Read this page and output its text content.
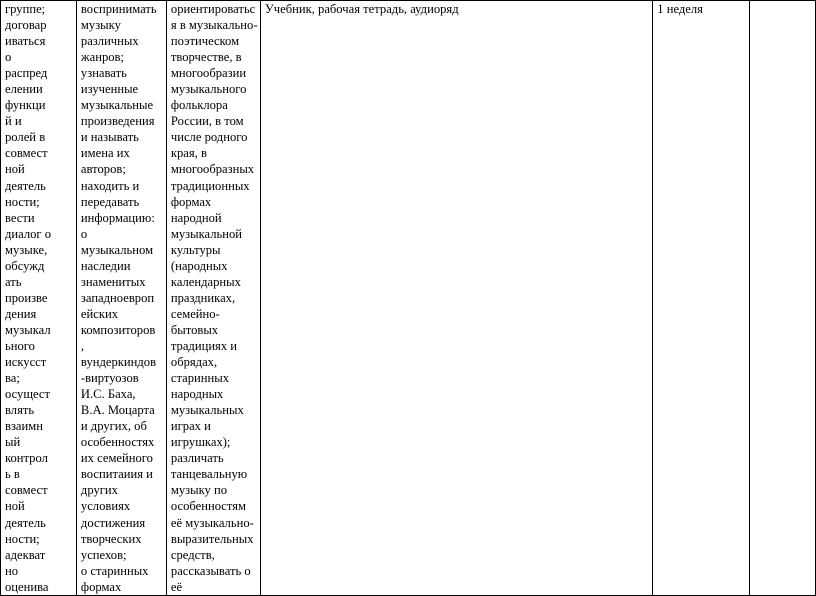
группе;
договар
иваться
о
распред
елении
функци
й и
ролей в
совмест
ной
деятель
ности;
вести
диалог о
музыке,
обсужд
ать
произве
дения
музыкал
ьного
искусст
ва;
осущест
влять
взаимн
ый
контрол
ь в
совмест
ной
деятель
ности;
адекват
но
оценива

воспринимать
музыку
различных
жанров;
узнавать
изученные
музыкальные
произведения
и называть
имена их
авторов;
находить и
передавать
информацию:
о
музыкальном
наследии
знаменитых
западноевроп
ейских
композиторов
,
вундеркиндов
-виртуозов
И.С. Баха,
В.А. Моцарта
и других, об
особенностях
их семейного
воспитаиия и
других
условиях
достижения
творческих
успехов;
о старинных
формах

ориентироватьс
я в музыкально-
поэтическом
творчестве, в
многообразии
музыкального
фольклора
России, в том
числе родного
края, в
многообразных
традиционных
формах
народной
музыкальной
культуры
(народных
календарных
праздниках,
семейно-
бытовых
традициях и
обрядах,
старинных
народных
музыкальных
играх и
игрушках);
различать
танцевальную
музыку по
особенностям
её музыкально-
выразительных
средств,
рассказывать о
её

Учебник, рабочая тетрадь, аудиоряд	1 неделя
